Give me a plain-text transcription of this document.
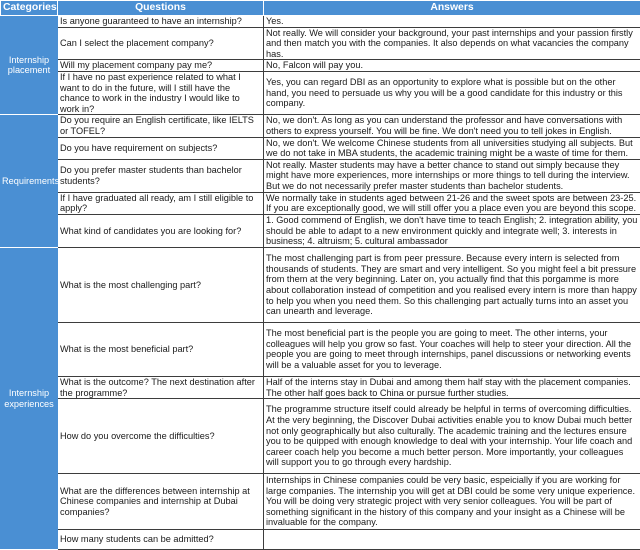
Categories	Questions	Answers
Internship placement	Is anyone guaranteed to have an internship?	Yes.
	Can I select the placement company?	Not really. We will consider your background, your past internships and your passion firstly and then match you with the companies. It also depends on what vacancies the company has.
	Will my placement company pay me?	No, Falcon will pay you.
	If I have no past experience related to what I want to do in the future, will I still have the chance to work in the industry I would like to work in?	Yes, you can regard DBI as an opportunity to explore what is possible but on the other hand, you need to persuade us why you will be a good candidate for this industry or this company.
Requirements	Do you require an English certificate, like IELTS or TOFEL?	No, we don't. As long as you can understand the professor and have conversations with others to express yourself. You will be fine. We don't need you to tell jokes in English.
	Do you have requirement on subjects?	No, we don't. We welcome Chinese students from all universities studying all subjects. But we do not take in MBA students, the academic training might be a waste of time for them.
	Do you prefer master students than bachelor students?	Not really. Master students may have a better chance to stand out simply because they might have more experiences, more internships or more things to tell during the interview. But we do not necessarily prefer master students than bachelor students.
	If I have graduated all ready, am I still eligible to apply?	We normally take in students aged between 21-26 and the sweet spots are between 23-25. If you are exceptionally good, we will still offer you a place even you are beyond this scope.
	What kind of candidates you are looking for?	1. Good commend of English, we don't have time to teach English; 2. integration ability, you should be able to adapt to a new environment quickly and integrate well; 3. interests in business; 4. altruism; 5. cultural ambassador
Internship experiences	What is the most challenging part?	The most challenging part is from peer pressure. Because every intern is selected from thousands of students. They are smart and very intelligent. So you might feel a bit pressure from them at the very beginning. Later on, you actually find that this porgamme is more about collaboration instead of competition and you realised every intern is more than happy to help you when you need them. So this challenging part actually turns into an asset you can unearth and leverage.
	What is the most beneficial part?	The most beneficial part is the people you are going to meet. The other interns, your colleagues will help you grow so fast. Your coaches will help to steer your direction. All the people you are going to meet through internships, panel discussions or networking events will be a valuable asset for you to leverage.
	What is the outcome? The next destination after the programme?	Half of the interns stay in Dubai and among them half stay with the placement companies. The other half goes back to China or pursue further studies.
	How do you overcome the difficulties?	The programme structure itself could already be helpful in terms of overcoming difficulties. At the very beginning, the Discover Dubai activities enable you to know Dubai much better not only geographically but also culturally. The academic training and the lectures ensure you to be quipped with enough knowledge to deal with your internship. Your life coach and career coach help you become a much better person. More importantly, your colleagues will support you to go through every hardship.
	What are the differences between internship at Chinese companies and internship at Dubai companies?	Internships in Chinese companies could be very basic, espeicially if you are working for large companies. The internship you will get at DBI could be some very unique experience. You will be doing very strategic project with very senior colleagues. You will be part of something significant in the history of this company and your insight as a Chinese will be invaluable for the company.
	How many students can be admitted?	
